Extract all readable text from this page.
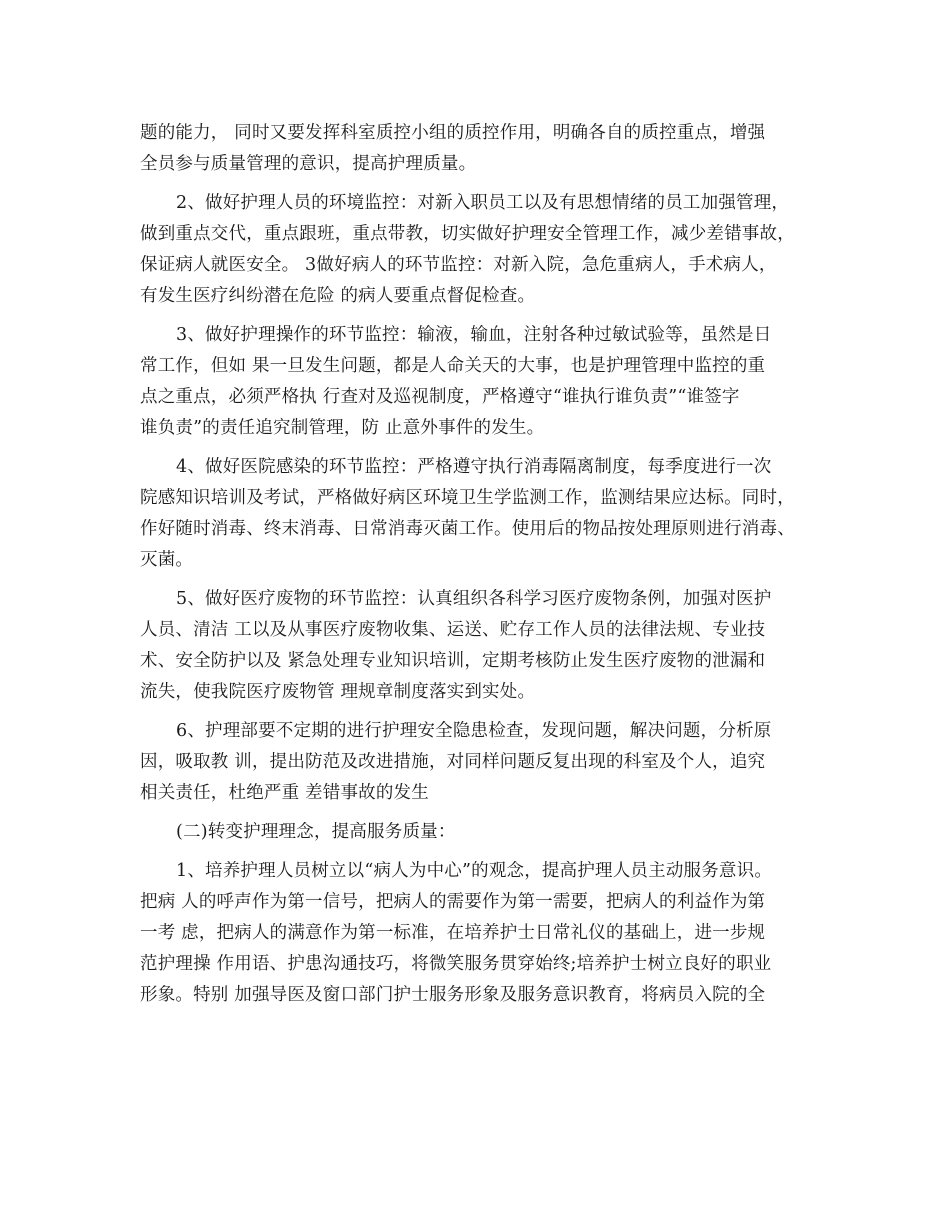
题的能力， 同时又要发挥科室质控小组的质控作用，明确各自的质控重点，增强
全员参与质量管理的意识，提高护理质量。
2、做好护理人员的环境监控：对新入职员工以及有思想情绪的员工加强管理，
做到重点交代，重点跟班，重点带教，切实做好护理安全管理工作，减少差错事故，
保证病人就医安全。 3做好病人的环节监控：对新入院，急危重病人，手术病人，
有发生医疗纠纷潜在危险 的病人要重点督促检查。
3、做好护理操作的环节监控：输液，输血，注射各种过敏试验等，虽然是日
常工作，但如 果一旦发生问题，都是人命关天的大事，也是护理管理中监控的重
点之重点，必须严格执 行查对及巡视制度，严格遵守“谁执行谁负责”“谁签字
谁负责”的责任追究制管理，防 止意外事件的发生。
4、做好医院感染的环节监控：严格遵守执行消毒隔离制度，每季度进行一次
院感知识培训及考试，严格做好病区环境卫生学监测工作，监测结果应达标。同时，
作好随时消毒、终末消毒、日常消毒灭菌工作。使用后的物品按处理原则进行消毒、
灭菌。
5、做好医疗废物的环节监控：认真组织各科学习医疗废物条例，加强对医护
人员、清洁 工以及从事医疗废物收集、运送、贮存工作人员的法律法规、专业技
术、安全防护以及 紧急处理专业知识培训，定期考核防止发生医疗废物的泄漏和
流失，使我院医疗废物管 理规章制度落实到实处。
6、护理部要不定期的进行护理安全隐患检查，发现问题，解决问题，分析原
因，吸取教 训，提出防范及改进措施，对同样问题反复出现的科室及个人，追究
相关责任，杜绝严重 差错事故的发生
(二)转变护理理念，提高服务质量：
1、培养护理人员树立以“病人为中心”的观念，提高护理人员主动服务意识。
把病 人的呼声作为第一信号，把病人的需要作为第一需要，把病人的利益作为第
一考 虑，把病人的满意作为第一标准，在培养护士日常礼仪的基础上，进一步规
范护理操 作用语、护患沟通技巧，将微笑服务贯穿始终;培养护士树立良好的职业
形象。特别 加强导医及窗口部门护士服务形象及服务意识教育，将病员入院的全
